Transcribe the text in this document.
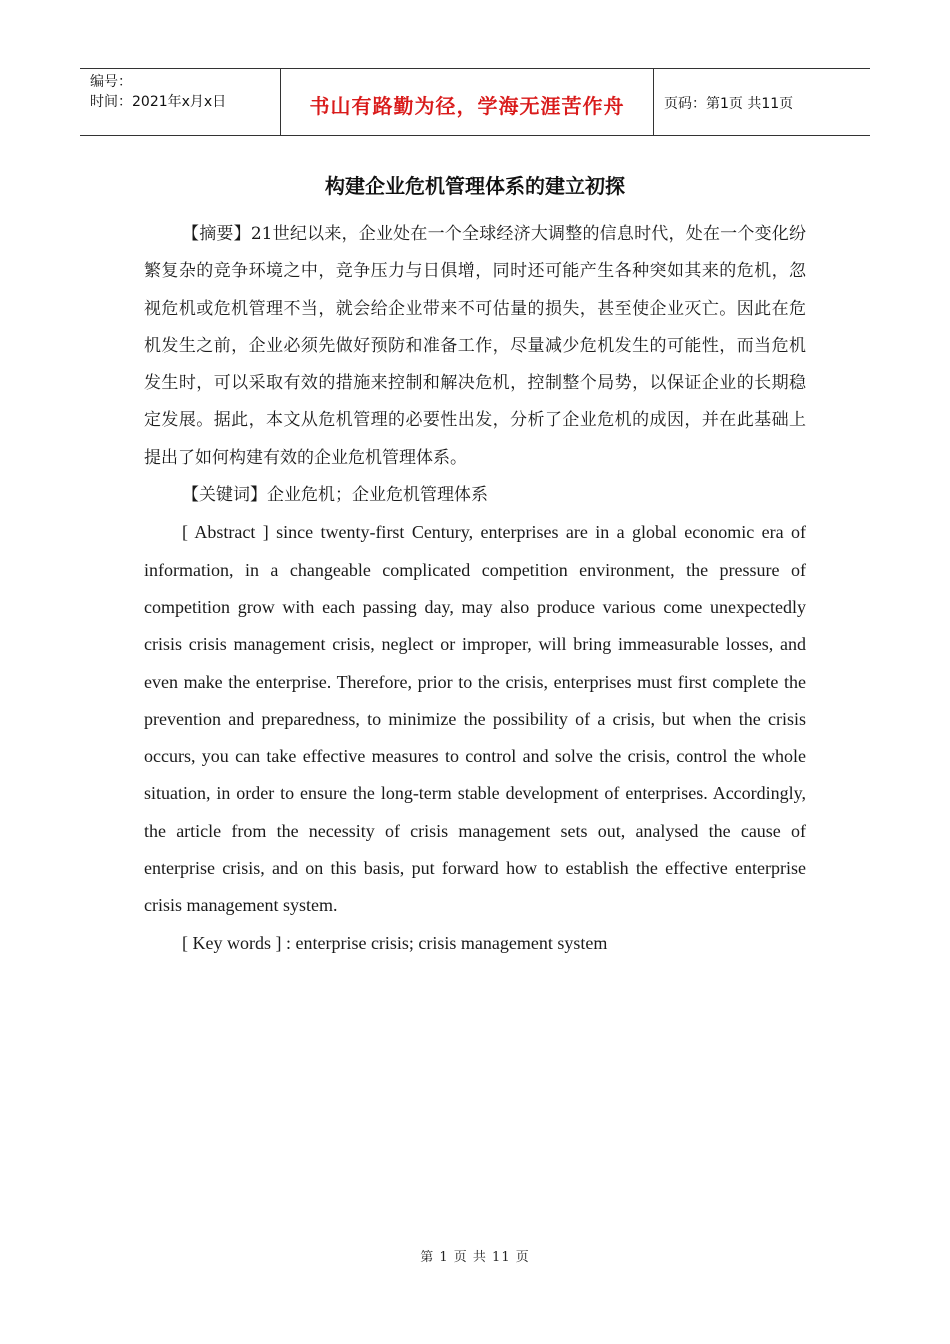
编号：
时间：2021年x月x日	书山有路勤为径，学海无涯苦作舟	页码：第1页 共11页
构建企业危机管理体系的建立初探

【摘要】21世纪以来，企业处在一个全球经济大调整的信息时代，处在一个变化纷繁复杂的竞争环境之中，竞争压力与日俱增，同时还可能产生各种突如其来的危机，忽视危机或危机管理不当，就会给企业带来不可估量的损失，甚至使企业灭亡。因此在危机发生之前，企业必须先做好预防和准备工作，尽量减少危机发生的可能性，而当危机发生时，可以采取有效的措施来控制和解决危机，控制整个局势，以保证企业的长期稳定发展。据此，本文从危机管理的必要性出发，分析了企业危机的成因，并在此基础上提出了如何构建有效的企业危机管理体系。

【关键词】企业危机；企业危机管理体系

[ Abstract ] since twenty-first Century, enterprises are in a global economic era of information, in a changeable complicated competition environment, the pressure of competition grow with each passing day, may also produce various come unexpectedly crisis crisis management crisis, neglect or improper, will bring immeasurable losses, and even make the enterprise. Therefore, prior to the crisis, enterprises must first complete the prevention and preparedness, to minimize the possibility of a crisis, but when the crisis occurs, you can take effective measures to control and solve the crisis, control the whole situation, in order to ensure the long-term stable development of enterprises. Accordingly, the article from the necessity of crisis management sets out, analysed the cause of enterprise crisis, and on this basis, put forward how to establish the effective enterprise crisis management system.

[ Key words ] : enterprise crisis; crisis management system

第 1 页 共 11 页
